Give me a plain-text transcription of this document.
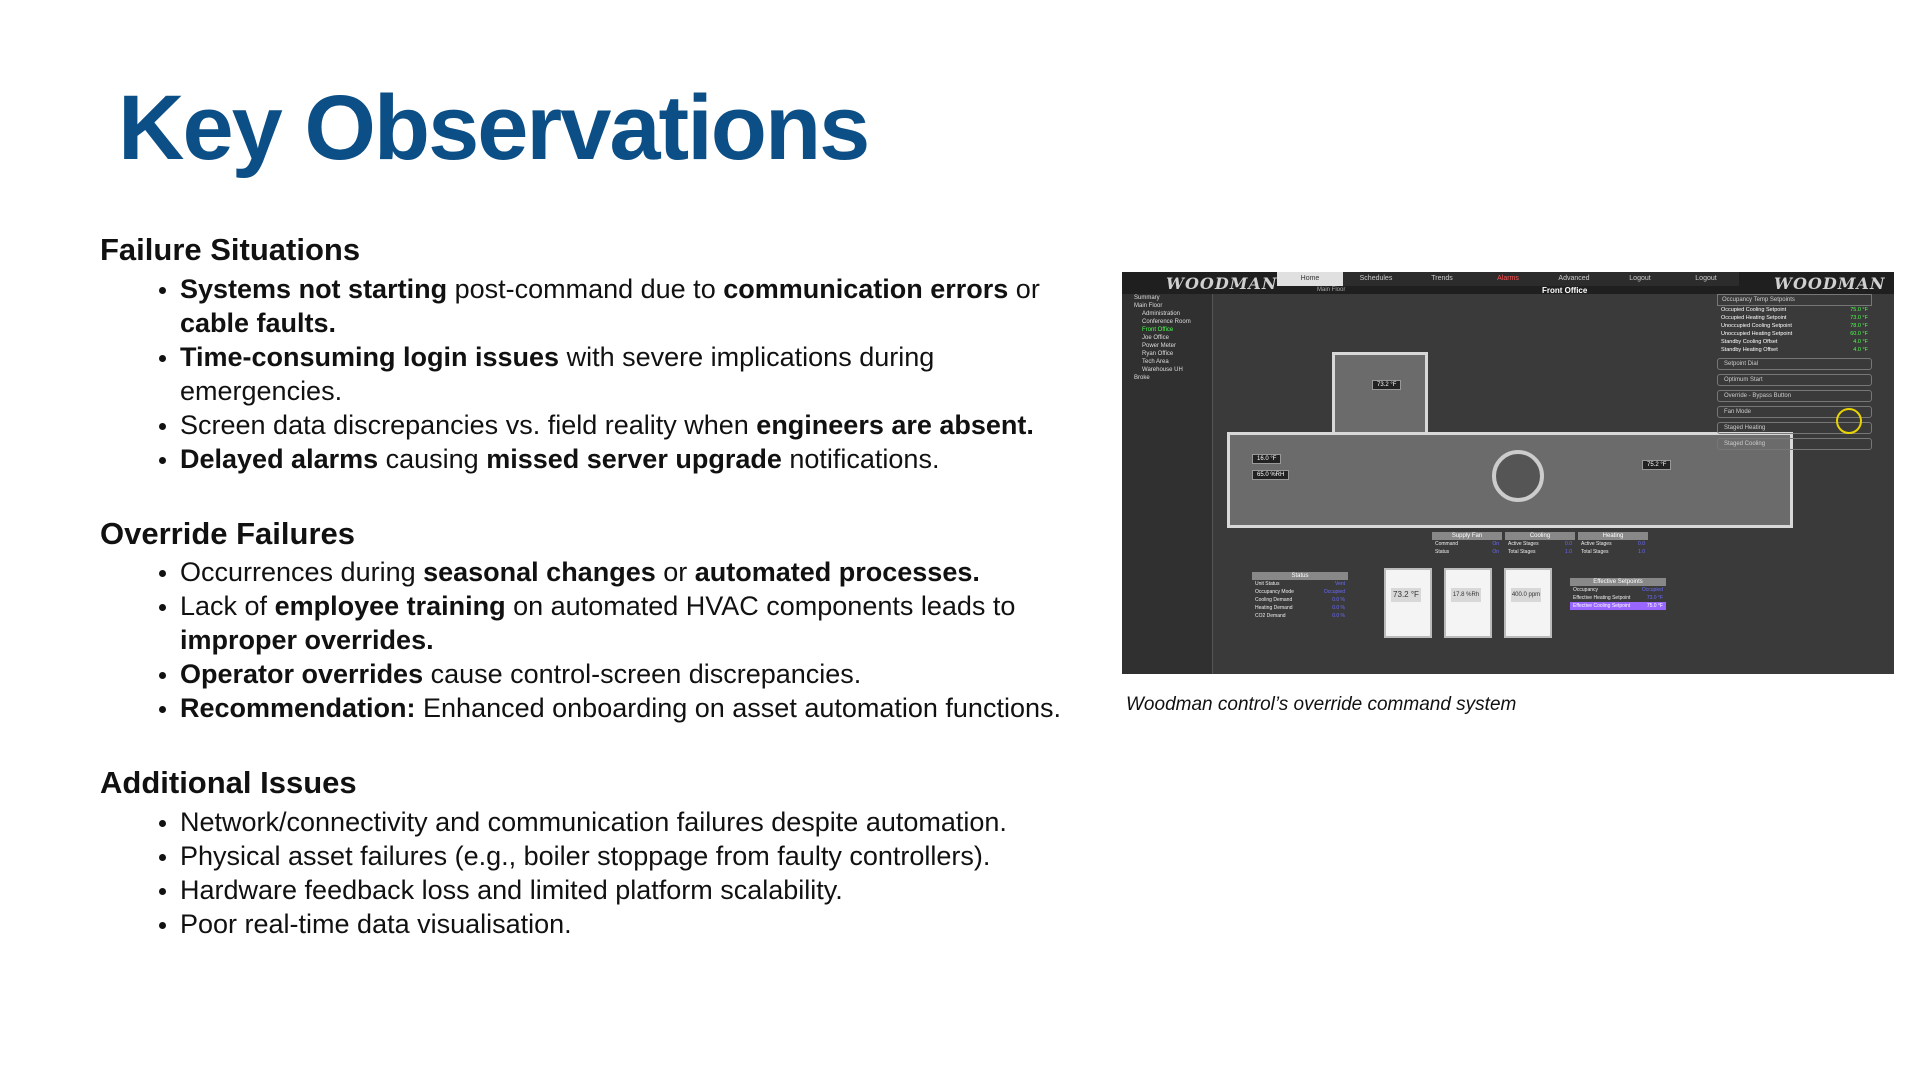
Key Observations
Failure Situations
• Systems not starting post-command due to communication errors or cable faults.
• Time-consuming login issues with severe implications during emergencies.
• Screen data discrepancies vs. field reality when engineers are absent.
• Delayed alarms causing missed server upgrade notifications.
Override Failures
• Occurrences during seasonal changes or automated processes.
• Lack of employee training on automated HVAC components leads to improper overrides.
• Operator overrides cause control-screen discrepancies.
• Recommendation: Enhanced onboarding on asset automation functions.
Additional Issues
• Network/connectivity and communication failures despite automation.
• Physical asset failures (e.g., boiler stoppage from faulty controllers).
• Hardware feedback loss and limited platform scalability.
• Poor real-time data visualisation.
WOODMAN	WOODMAN
Home	Schedules	Trends	Alarms	Advanced	Logout	Logout
Main Floor	Front Office
Summary
Main Floor
Administration
Conference Room
Front Office
Joe Office
Power Meter
Ryan Office
Tech Area
Warehouse UH
Broke
73.2 °F
16.0 °F
65.0 %RH
75.2 °F
Occupancy Temp Setpoints
Occupied Cooling Setpoint	75.0 °F
Occupied Heating Setpoint	73.0 °F
Unoccupied Cooling Setpoint	78.0 °F
Unoccupied Heating Setpoint	60.0 °F
Standby Cooling Offset	4.0 °F
Standby Heating Offset	4.0 °F
Setpoint Dial
Optimum Start
Override - Bypass Button
Fan Mode
Staged Heating
Staged Cooling
Supply Fan
Command	On
Status	On
Cooling
Active Stages	0.0
Total Stages	1.0
Heating
Active Stages	0.0
Total Stages	1.0
Status
Unit Status	Vent
Occupancy Mode	Occupied
Cooling Demand	0.0 %
Heating Demand	0.0 %
CO2 Demand	0.0 %
73.2 °F	17.8 %Rh	400.0 ppm
Effective Setpoints
Occupancy	Occupied
Effective Heating Setpoint	73.0 °F
Effective Cooling Setpoint	75.0 °F
Woodman control’s override command system
